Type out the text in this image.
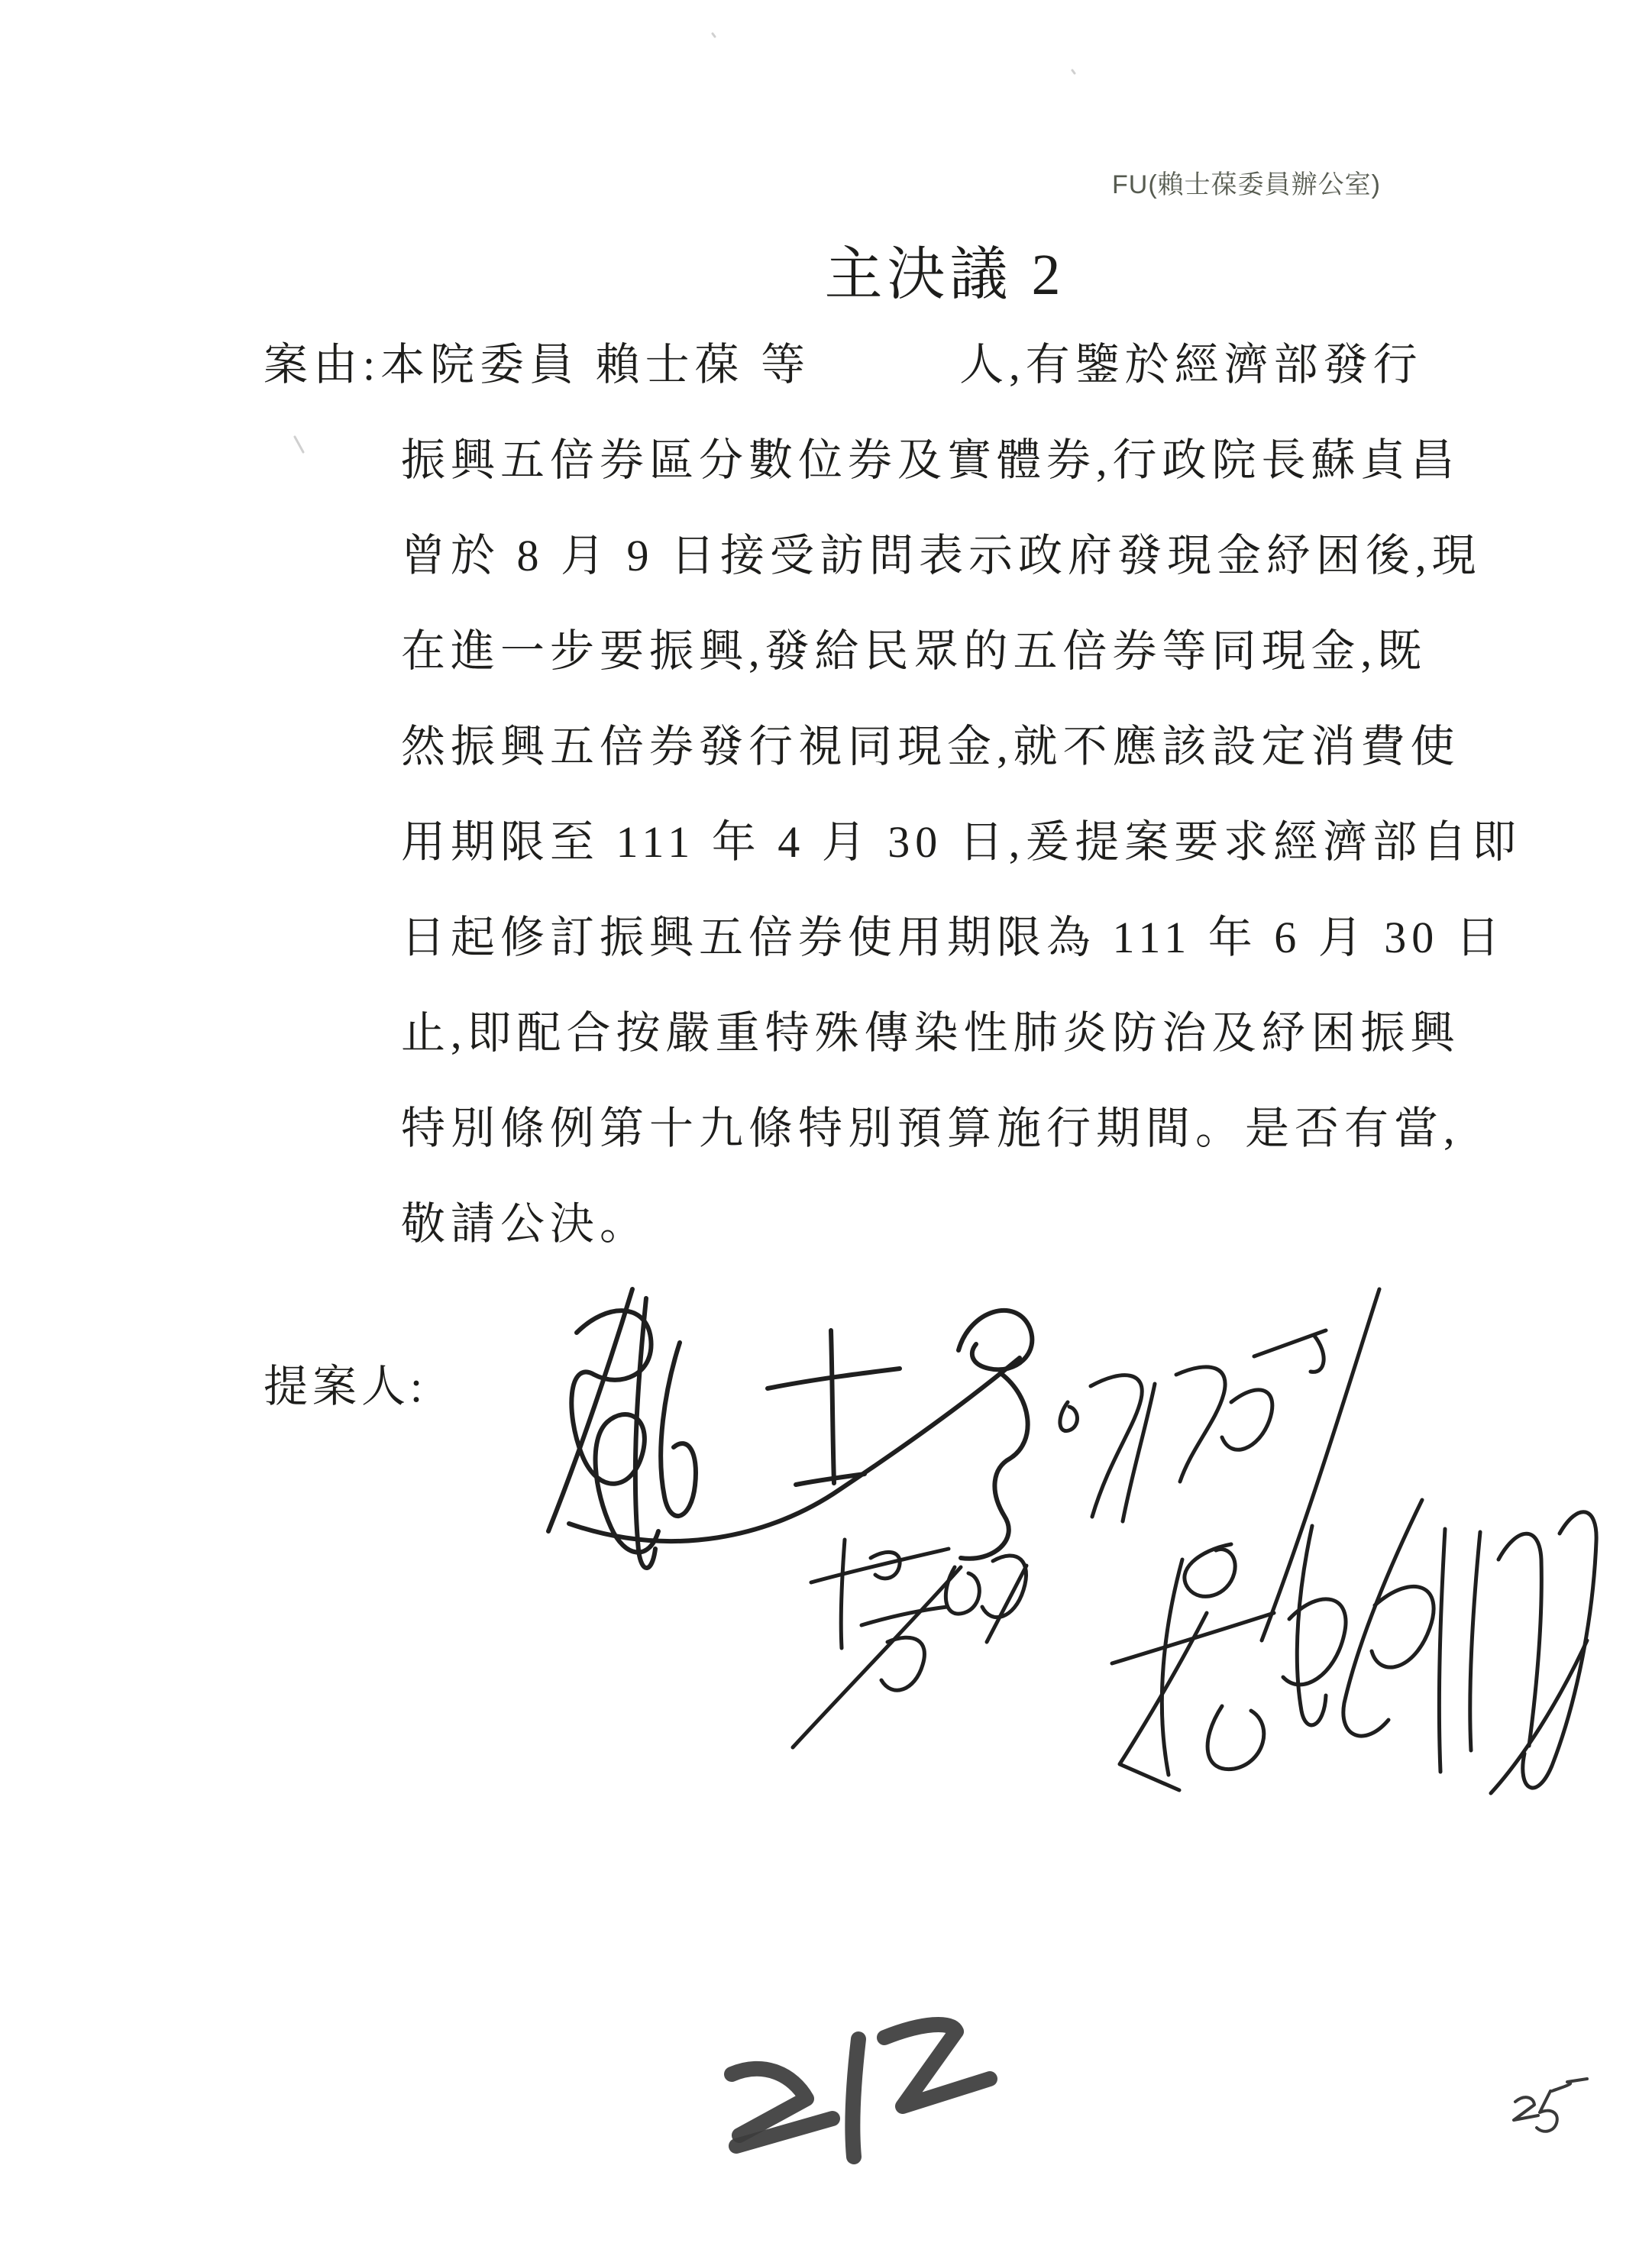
FU(賴士葆委員辦公室)
主決議 2
案由:本院委員 賴士葆 等　　　人,有鑒於經濟部發行
振興五倍券區分數位券及實體券,行政院長蘇貞昌
曾於 8 月 9 日接受訪問表示政府發現金紓困後,現
在進一步要振興,發給民眾的五倍券等同現金,既
然振興五倍券發行視同現金,就不應該設定消費使
用期限至 111 年 4 月 30 日,爰提案要求經濟部自即
日起修訂振興五倍券使用期限為 111 年 6 月 30 日
止,即配合按嚴重特殊傳染性肺炎防治及紓困振興
特別條例第十九條特別預算施行期間。是否有當,
敬請公決。
提案人:
